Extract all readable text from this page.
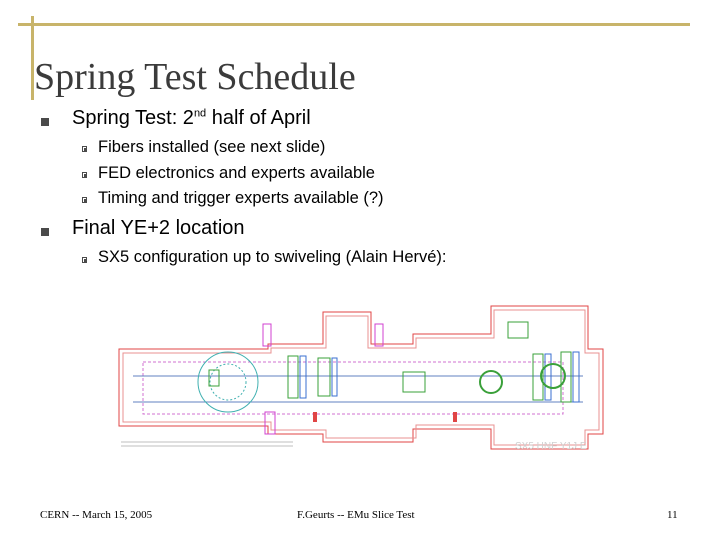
Spring Test Schedule
Spring Test: 2nd half of April
Fibers installed (see next slide)
FED electronics and experts available
Timing and trigger experts available (?)
Final YE+2 location
SX5 configuration up to swiveling (Alain Hervé):
SX5 HNF Y1J E
CERN -- March 15, 2005	F.Geurts -- EMu Slice Test	11
